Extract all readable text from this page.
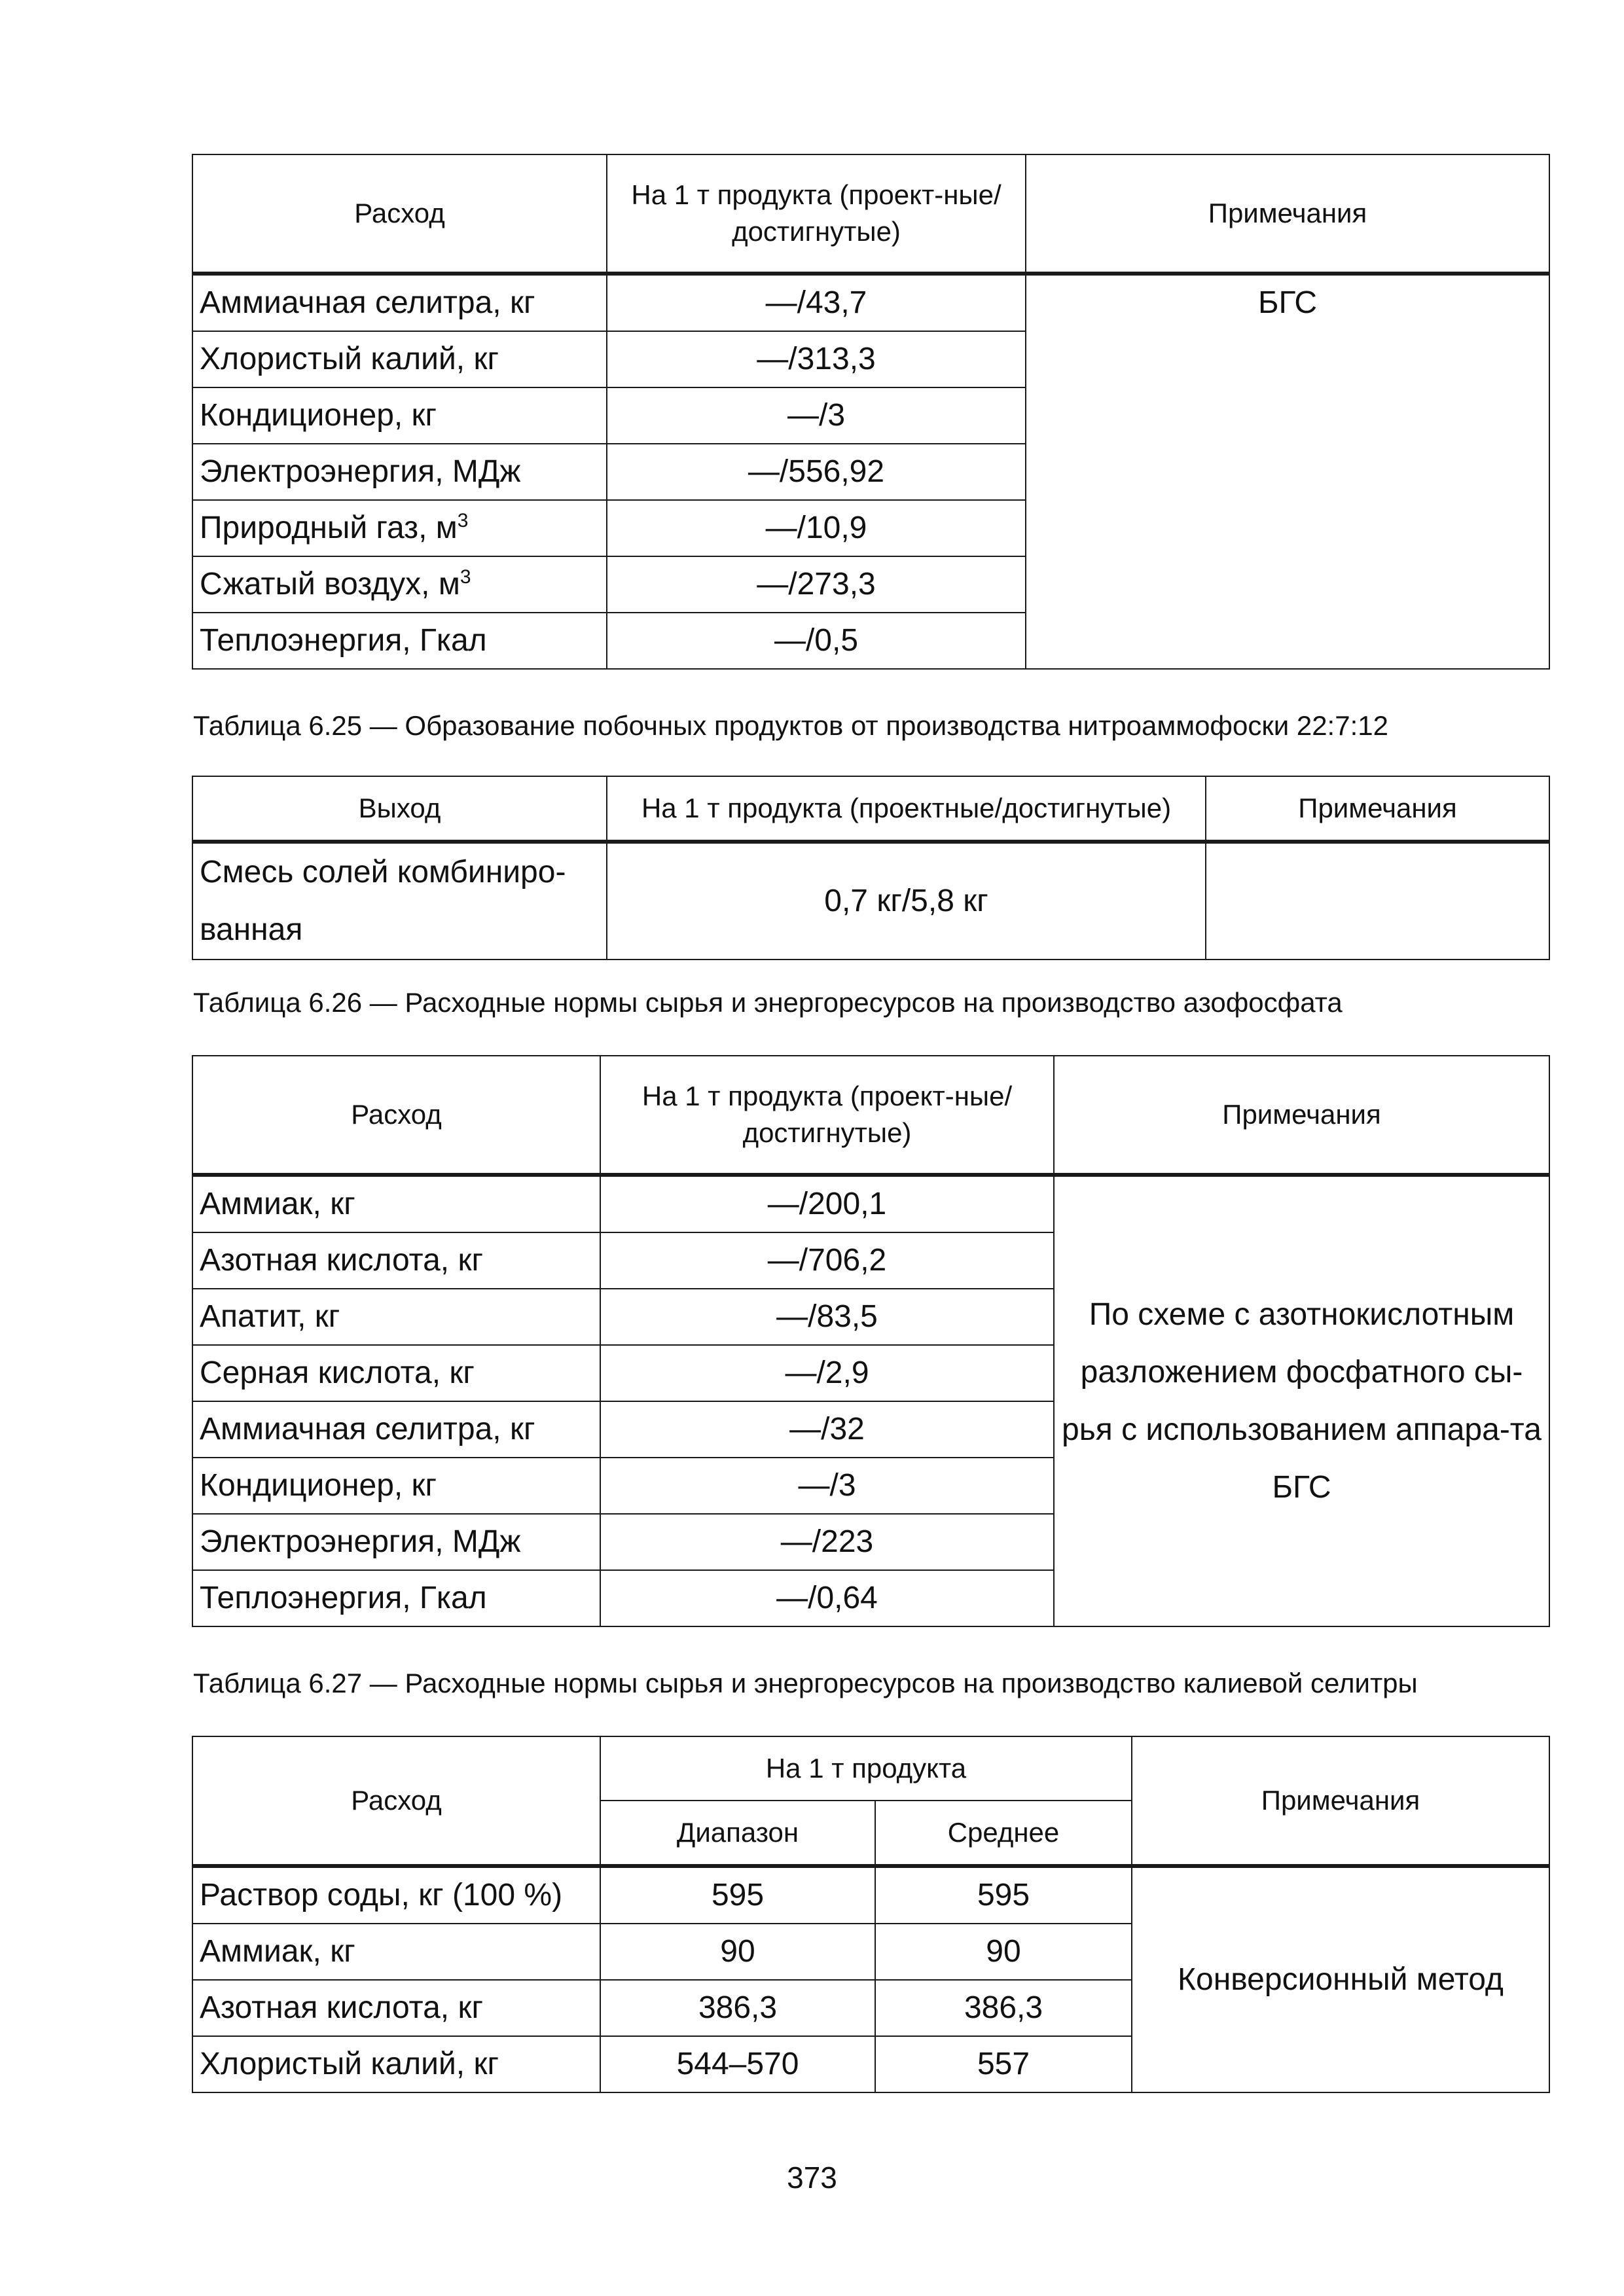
Расход	На 1 т продукта (проект-ные/достигнутые)	Примечания
Аммиачная селитра, кг	—/43,7	БГС
Хлористый калий, кг	—/313,3	
Кондиционер, кг	—/3	
Электроэнергия, МДж	—/556,92	
Природный газ, $м^3$	—/10,9	
Сжатый воздух, $м^3$	—/273,3	
Теплоэнергия, Гкал	—/0,5	
Таблица 6.25 — Образование побочных продуктов от производства нитроаммофоски 22:7:12
Выход	На 1 т продукта (проектные/достигнутые)	Примечания
Смесь солей комбиниро-ванная	0,7 кг/5,8 кг	
Таблица 6.26 — Расходные нормы сырья и энергоресурсов на производство азофосфата
Расход	На 1 т продукта (проект-ные/достигнутые)	Примечания
Аммиак, кг	—/200,1	По схеме с азотнокислотным разложением фосфатного сы-рья с использованием аппара-та БГС
Азотная кислота, кг	—/706,2	
Апатит, кг	—/83,5	
Серная кислота, кг	—/2,9	
Аммиачная селитра, кг	—/32	
Кондиционер, кг	—/3	
Электроэнергия, МДж	—/223	
Теплоэнергия, Гкал	—/0,64	
Таблица 6.27 — Расходные нормы сырья и энергоресурсов на производство калиевой селитры
Расход	На 1 т продукта		Примечания
	Диапазон	Среднее	
Раствор соды, кг (100 %)	595	595	Конверсионный метод
Аммиак, кг	90	90	
Азотная кислота, кг	386,3	386,3	
Хлористый калий, кг	544–570	557	
373
